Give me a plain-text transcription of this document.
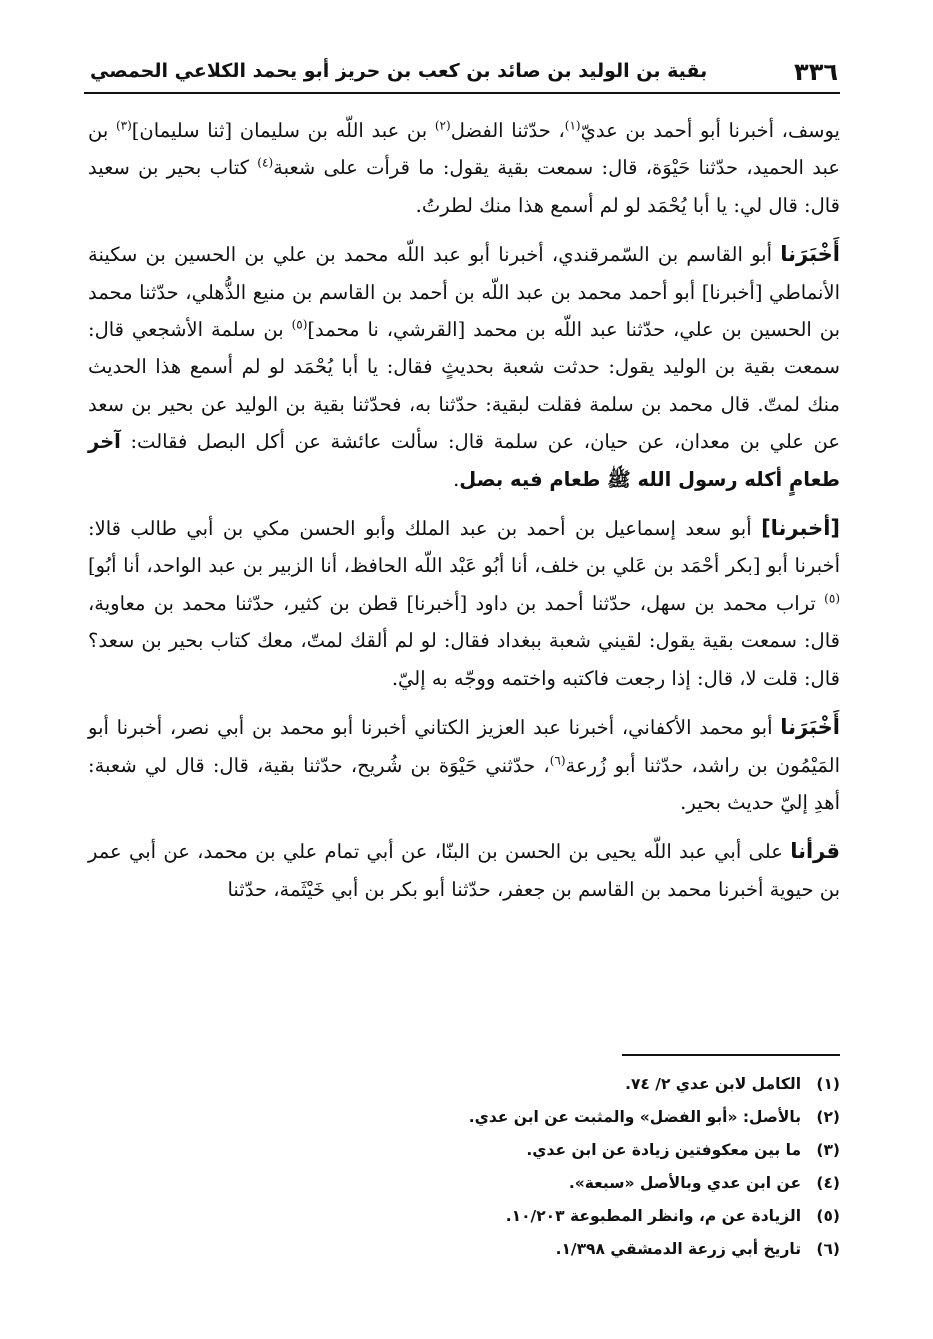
٣٣٦
بقية بن الوليد بن صائد بن كعب بن حريز أبو يحمد الكلاعي الحمصي

يوسف، أخبرنا أبو أحمد بن عديّ$^{(١)}$، حدّثنا الفضل$^{(٢)}$ بن عبد اللّه بن سليمان [ثنا سليمان]$^{(٣)}$ بن عبد الحميد، حدّثنا حَيْوَة، قال: سمعت بقية يقول: ما قرأت على شعبة$^{(٤)}$ كتاب بحير بن سعيد قال: قال لي: يا أبا يُحْمَد لو لم أسمع هذا منك لطرتُ.

أَخْبَرَنا أبو القاسم بن السّمرقندي، أخبرنا أبو عبد اللّه محمد بن علي بن الحسين بن سكينة الأنماطي [أخبرنا] أبو أحمد محمد بن عبد اللّه بن أحمد بن القاسم بن منيع الذُّهلي، حدّثنا محمد بن الحسين بن علي، حدّثنا عبد اللّه بن محمد [القرشي، نا محمد]$^{(٥)}$ بن سلمة الأشجعي قال: سمعت بقية بن الوليد يقول: حدثت شعبة بحديثٍ فقال: يا أبا يُحْمَد لو لم أسمع هذا الحديث منك لمتّ. قال محمد بن سلمة فقلت لبقية: حدّثنا به، فحدّثنا بقية بن الوليد عن بحير بن سعد عن علي بن معدان، عن حيان، عن سلمة قال: سألت عائشة عن أكل البصل فقالت: آخر طعامٍ أكله رسول الله ﷺ طعام فيه بصل.

[أخبرنا] أبو سعد إسماعيل بن أحمد بن عبد الملك وأبو الحسن مكي بن أبي طالب قالا: أخبرنا أبو [بكر أحْمَد بن عَلي بن خلف، أنا أبُو عَبْد اللّه الحافظ، أنا الزبير بن عبد الواحد، أنا أبُو]$^{(٥)}$ تراب محمد بن سهل، حدّثنا أحمد بن داود [أخبرنا] قطن بن كثير، حدّثنا محمد بن معاوية، قال: سمعت بقية يقول: لقيني شعبة ببغداد فقال: لو لم ألقك لمتّ، معك كتاب بحير بن سعد؟ قال: قلت لا، قال: إذا رجعت فاكتبه واختمه ووجّه به إليّ.

أَخْبَرَنا أبو محمد الأكفاني، أخبرنا عبد العزيز الكتاني أخبرنا أبو محمد بن أبي نصر، أخبرنا أبو المَيْمُون بن راشد، حدّثنا أبو زُرعة$^{(٦)}$، حدّثني حَيْوَة بن شُريح، حدّثنا بقية، قال: قال لي شعبة: أهدِ إليّ حديث بحير.

قرأنا على أبي عبد اللّه يحيى بن الحسن بن البنّا، عن أبي تمام علي بن محمد، عن أبي عمر بن حيوية أخبرنا محمد بن القاسم بن جعفر، حدّثنا أبو بكر بن أبي خَيْثَمة، حدّثنا

(١) الكامل لابن عدي ٢/ ٧٤.
(٢) بالأصل: «أبو الفضل» والمثبت عن ابن عدي.
(٣) ما بين معكوفتين زيادة عن ابن عدي.
(٤) عن ابن عدي وبالأصل «سبعة».
(٥) الزيادة عن م، وانظر المطبوعة ١٠/٢٠٣.
(٦) تاريخ أبي زرعة الدمشقي ١/٣٩٨.
